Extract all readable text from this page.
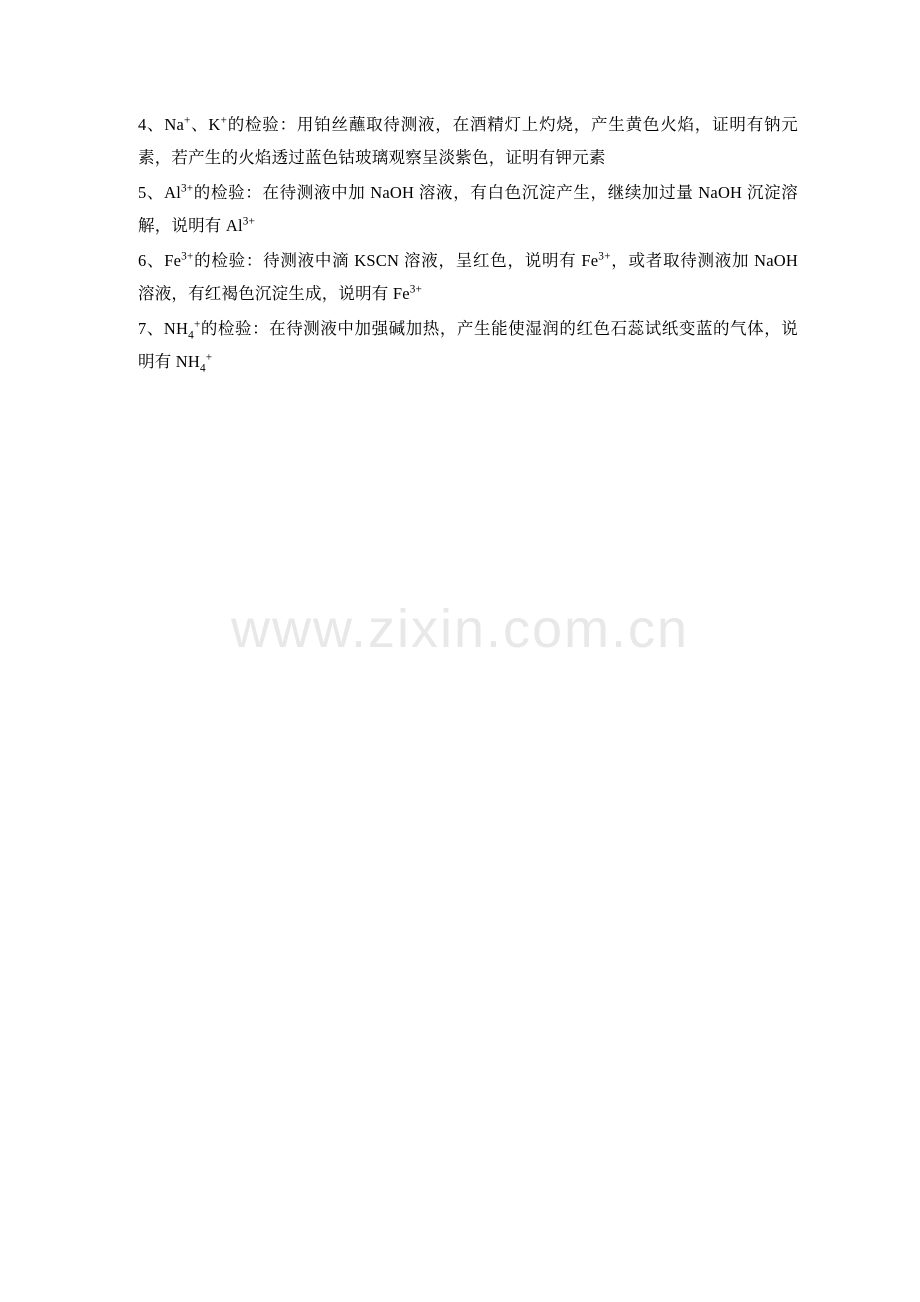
4、Na+、K+的检验：用铂丝蘸取待测液，在酒精灯上灼烧，产生黄色火焰，证明有钠元素，若产生的火焰透过蓝色钴玻璃观察呈淡紫色，证明有钾元素

5、$Al^{3+}$的检验：在待测液中加 NaOH 溶液，有白色沉淀产生，继续加过量 NaOH 沉淀溶解，说明有 $Al^{3+}$

6、$Fe^{3+}$的检验：待测液中滴 KSCN 溶液，呈红色，说明有 $Fe^{3+}$，或者取待测液加 NaOH 溶液，有红褐色沉淀生成，说明有 $Fe^{3+}$

7、$NH_4^+$的检验：在待测液中加强碱加热，产生能使湿润的红色石蕊试纸变蓝的气体，说明有 $NH_4^+$

www.zixin.com.cn
